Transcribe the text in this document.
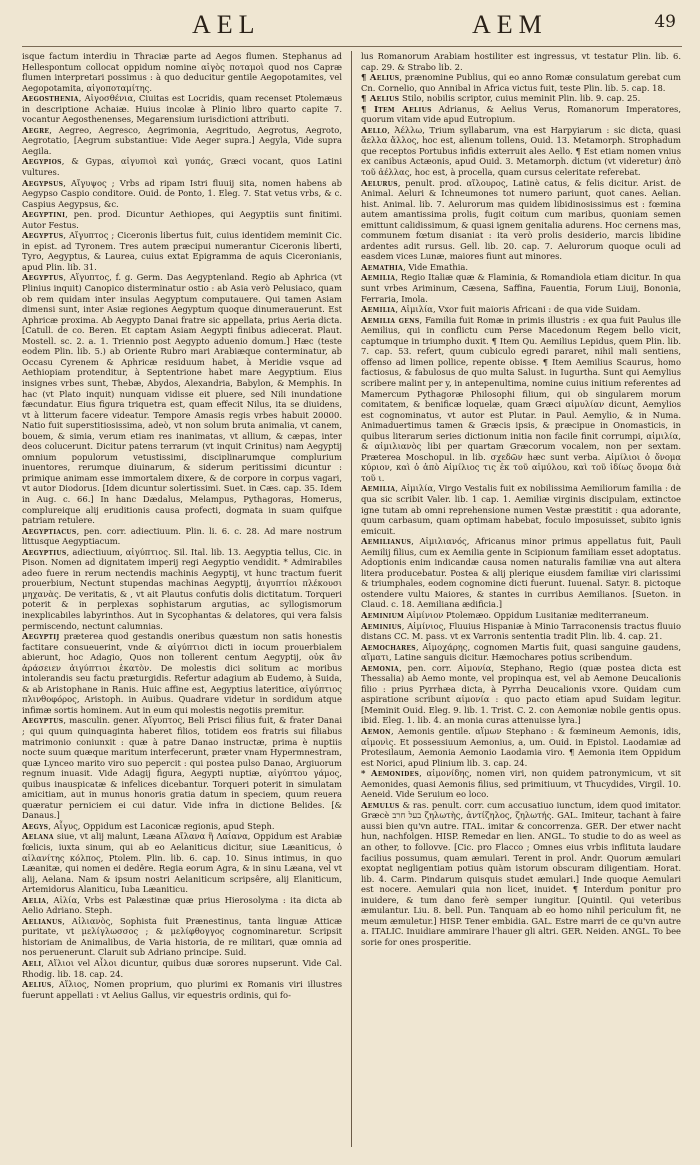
AEL	AEM	49

isque factum interdiu in Thraciæ parte ad Aegos flumen. Stephanus ad Hellespontum collocat oppidum nomine αἰγὸς ποταμοὶ quod nos Capræ flumen interpretari possimus : à quo deducitur gentile Aegopotamites, vel Aegopotamita, αἰγοποταμίτης.

Aegosthenia, Αἰγοσθένια, Ciuitas est Locridis, quam recenset Ptolemæus in descriptione Achaiæ. Huius incolæ à Plinio libro quarto capite 7. vocantur Aegosthenenses, Megarensium iurisdictioni attributi.

Aegre, Aegreo, Aegresco, Aegrimonia, Aegritudo, Aegrotus, Aegroto, Aegrotatio, [Aegrum substantiue: Vide Aeger supra.] Aegyla, Vide supra Aegila.

Aegypios, & Gypas, αἰγυπιοὶ καὶ γυπάς, Græci vocant, quos Latini vultures.

Aegypsus, Αἴγυψος ; Vrbs ad ripam Istri fluuij sita, nomen habens ab Aegypso Caspio conditore. Ouid. de Ponto, 1. Eleg. 7. Stat vetus vrbs, & c. Caspius Aegypsus, &c.

Aegyptini, pen. prod. Dicuntur Aethiopes, qui Aegyptiis sunt finitimi. Autor Festus.

Aegyptus, Αἴγυπτος ; Ciceronis libertus fuit, cuius identidem meminit Cic. in epist. ad Tyronem. Tres autem præcipui numerantur Ciceronis liberti, Tyro, Aegyptus, & Laurea, cuius extat Epigramma de aquis Ciceronianis, apud Plin. lib. 31.

Aegyptus, Αἴγυπτος, f. g. Germ. Das Aegyptenland. Regio ab Aphrica (vt Plinius inquit) Canopico disterminatur ostio : ab Asia verò Pelusiaco, quam ob rem quidam inter insulas Aegyptum computauere. Qui tamen Asiam dimensi sunt, inter Asiæ regiones Aegyptum quoque dinumerauerunt. Est Aphricæ proxima. Ab Aegypto Danai fratre sic appellata, prius Aeria dicta. [Catull. de co. Beren. Et captam Asiam Aegypti finibus adiecerat. Plaut. Mostell. sc. 2. a. 1. Triennio post Aegypto aduenio domum.] Hæc (teste eodem Plin. lib. 5.) ab Oriente Rubro mari Arabiæque conterminatur, ab Occasu Cyrenem & Aphricæ residuum habet, à Meridie vsque ad Aethiopiam protenditur, à Septentrione habet mare Aegyptium. Eius insignes vrbes sunt, Thebæ, Abydos, Alexandria, Babylon, & Memphis. In hac (vt Plato inquit) nunquam vidisse eit pluere, sed Nili inundatione fæcundatur. Eius figura triquetra est, quam effecit Nilus, ita se diuidens, vt à litterum facere videatur. Tempore Amasis regis vrbes habuit 20000. Natio fuit superstitiosissima, adeò, vt non solum bruta animalia, vt canem, bouem, & simia, verum etiam res inanimatas, vt allium, & cæpas, inter deos colucerunt. Dicitur patens terrarum (vt inquit Crinitus) nam Aegyptij omnium populorum vetustissimi, disciplinarumque complurium inuentores, rerumque diuinarum, & siderum peritissimi dicuntur : primique animam esse immortalem dixere, & de corpore in corpus vagari, vt autor Diodorus. [Idem dicuntur solertissimi. Suet. in Cæs. cap. 35. Idem in Aug. c. 66.] In hanc Dædalus, Melampus, Pythagoras, Homerus, complureique alij eruditionis causa profecti, dogmata in suam quifque patriam retulere.

Aegyptiacus, pen. corr. adiectiuum. Plin. li. 6. c. 28. Ad mare nostrum littusque Aegyptiacum.

Aegyptius, adiectiuum, αἰγύπτιος. Sil. Ital. lib. 13. Aegyptia tellus, Cic. in Pison. Nomen ad dignitatem imperij regi Aegyptio vendidit. * Admirabiles adeo fuere in rerum nectendis machinis Aegyptij, vt hunc tractum fuerit prouerbium, Nectunt stupendas machinas Aegyptij, ἀιγυπτίοι πλέκουσι μηχανὰς. De veritatis, & , vt ait Plautus confutis dolis dictitatum. Torqueri poterit & in perplexas sophistarum argutias, ac syllogismorum inexplicabiles labyrinthos. Aut in Sycophantas & delatores, qui vera falsis permiscendo, nectunt calumnias.

Aegyptij præterea quod gestandis oneribus quæstum non satis honestis factitare consueuerint, vnde & αἰγύπτιοι dicti in iocum prouerbialem abierunt, hoc Adagio, Quos non tollerent centum Aegyptij, οὐκ ἂν ἀράσειεν ἀιγύπτιοι ἑκατὸν. De molestis dici solitum ac moribus intolerandis seu factu præturgidis. Refertur adagium ab Eudemo, à Suida, & ab Aristophane in Ranis. Huic affine est, Aegyptius lateritice, αἰγύπτιος πλινθοφόρος, Aristoph. in Auibus. Quadrare videtur in sordidum atque infimæ sortis hominem. Aut in eum qui molestis negotiis premitur.

Aegyptus, masculin. gener. Αἴγυπτος, Beli Prisci filius fuit, & frater Danai ; qui quum quinquaginta haberet filios, totidem eos fratris sui filiabus matrimonio coniunxit : quæ à patre Danao instructæ, prima è nuptiis nocte suum quæque maritum interfecerunt, præter vnam Hypermnestram, quæ Lynceo marito viro suo pepercit : qui postea pulso Danao, Argiuorum regnum inuasit. Vide Adagij figura, Aegypti nuptiæ, αἰγύπτου γάμος, quibus inauspicatæ & infelices dicebantur. Torqueri poterit in simulatam amicitiam, aut in munus honoris gratia datum in speciem, quum reuera quæratur perniciem ei cui datur. Vide infra in dictione Belides. [& Danaus.]

Aegys, Αἶγυς, Oppidum est Laconicæ regionis, apud Steph.

Aelana siue, vt alij malunt, Læana Αἴλανα ἢ Λαίανα, Oppidum est Arabiæ fœlicis, iuxta sinum, qui ab eo Aelaniticus dicitur, siue Læaniticus, ὁ αἰλανίτης κόλπος, Ptolem. Plin. lib. 6. cap. 10. Sinus intimus, in quo Læanitæ, qui nomen ei dedêre. Regia eorum Agra, & in sinu Læana, vel vt alij, Aelana. Nam & ipsum nostri Aelaniticum scripsêre, alij Elaniticum, Artemidorus Alaniticu, Iuba Læaniticu.

Aelia, Αἰλία, Vrbs est Palæstinæ quæ prius Hierosolyma : ita dicta ab Aelio Adriano. Steph.

Aelianus, Αἰλιανὸς, Sophista fuit Prænestinus, tanta linguæ Atticæ puritate, vt μελίγλωσσος ; & μελίφθογγος cognominaretur. Scripsit historiam de Animalibus, de Varia historia, de re militari, quæ omnia ad nos peruenerunt. Claruit sub Adriano principe. Suid.

Aeli, Αἴλιοι vel Αἶλοι dicuntur, quibus duæ sorores nupserunt. Vide Cal. Rhodig. lib. 18. cap. 24.

Aelius, Αἴλιος, Nomen proprium, quo plurimi ex Romanis viri illustres fuerunt appellati : vt Aelius Gallus, vir equestris ordinis, qui fo-

lus Romanorum Arabiam hostiliter est ingressus, vt testatur Plin. lib. 6. cap. 29. & Strabo lib. 2.

¶ Aelius, prænomine Publius, qui eo anno Romæ consulatum gerebat cum Cn. Cornelio, quo Annibal in Africa victus fuit, teste Plin. lib. 5. cap. 18.

¶ Aelius Stilo, nobilis scriptor, cuius meminit Plin. lib. 9. cap. 25.

¶ Item Aelius Adrianus, & Aelius Verus, Romanorum Imperatores, quorum vitam vide apud Eutropium.

Aello, Ἀέλλω, Trium syllabarum, vna est Harpyiarum : sic dicta, quasi ἄελλα ἄλλος, hoc est, alienum tollens, Ouid. 13. Metamorph. Strophadum que receptos Portubus infidis exterruit ales Aello. ¶ Est etiam nomen vnius ex canibus Actæonis, apud Ouid. 3. Metamorph. dictum (vt videretur) ἀπὸ τοῦ ἀέλλας, hoc est, à procella, quam cursus celeritate referebat.

Aelurus, penult. prod. αἴλουρος, Latinè catus, & felis dicitur. Arist. de Animal. Aeluri & Ichneumones tot numero pariunt, quot canes. Aelian. hist. Animal. lib. 7. Aelurorum mas quidem libidinosissimus est : fœmina autem amantissima prolis, fugit coitum cum maribus, quoniam semen emittunt calidissimum, & quasi ignem genitalia adurens. Hoc cernens mas, communem fœtum disaniat : ita verò prolis desiderio, marcis libidine ardentes adit rursus. Gell. lib. 20. cap. 7. Aelurorum quoque oculi ad easdem vices Lunæ, maiores fiunt aut minores.

Aemathia, Vide Emathia.

Aemilia, Regio Italiæ quæ & Flaminia, & Romandiola etiam dicitur. In qua sunt vrbes Ariminum, Cæsena, Saffina, Fauentia, Forum Liuij, Bononia, Ferraria, Imola.

Aemilia, Αἰμιλία, Vxor fuit maioris Africani : de qua vide Suidam.

Aemilia gens, Familia fuit Romæ in primis illustris : ex qua fuit Paulus ille Aemilius, qui in conflictu cum Perse Macedonum Regem bello vicit, captumque in triumpho duxit. ¶ Item Qu. Aemilius Lepidus, quem Plin. lib. 7. cap. 53. refert, quum cubiculo egredi pararet, nihil mali sentiens, offenso ad limen pollice, repente obisse. ¶ Item Aemilius Scaurus, homo factiosus, & fabulosus de quo multa Salust. in Iugurtha. Sunt qui Aemylius scribere malint per y, in antepenultima, nomine cuius initium referentes ad Mamercum Pythagoræ Philosophi filium, qui ob singularem morum comitatem, & benificæ loquelæ, quam Græci αἰμυλίαν dicunt, Aemylios est cognominatus, vt autor est Plutar. in Paul. Aemylio, & in Numa. Animaduertimus tamen & Græcis ipsis, & præcipue in Onomasticis, in quibus literarum series dictionum initia non facile finit corrumpi, αἰμιλία, & αἰμιλιανὸς libi per quartam Græcorum vocalem, non per sextam. Præterea Moschopul. in lib. σχεδῶν hæc sunt verba. Αἰμίλιοι ὁ ὄνομα κύριον, καὶ ὁ ἀπὸ Αἰμίλιος τις ἐκ τοῦ αἰμύλου, καὶ τοῦ ἰδίως ὄνομα διὰ τοῦ ι.

Aemilia, Αἰμιλία, Virgo Vestalis fuit ex nobilissima Aemiliorum familia : de qua sic scribit Valer. lib. 1 cap. 1. Aemiliæ virginis discipulam, extinctoe igne tutam ab omni reprehensione numen Vestæ præstitit : qua adorante, quum carbasum, quam optimam habebat, foculo imposuisset, subito ignis emicuit.

Aemilianus, Αἰμιλιανός, Africanus minor primus appellatus fuit, Pauli Aemilij filius, cum ex Aemilia gente in Scipionum familiam esset adoptatus. Adoptionis enim indicandæ causa nomen naturalis familiæ vna aut altera litera producebatur. Postea & alij plerique eiusdem familiæ viri clarissimi & triumphales, eodem cognomine dicti fuerunt. Iuuenal. Satyr. 8. pictoque ostendere vultu Maiores, & stantes in curribus Aemilianos. [Sueton. in Claud. c. 18. Aemiliana ædificia.]

Aeminium Αἰμίνιον Ptolemæo. Oppidum Lusitaniæ mediterraneum.

Aeminius, Αἰμίνιος, Fluuius Hispaniæ à Minio Tarraconensis tractus fluuio distans CC. M. pass. vt ex Varronis sententia tradit Plin. lib. 4. cap. 21.

Aemochares, Αἰμοχάρης, cognomen Martis fuit, quasi sanguine gaudens, αἵματι, Latine sanguis dicitur. Hæmochares potius scribendum.

Aemonia, pen. corr. Αἰμονία, Stephano, Regio (quæ postea dicta est Thessalia) ab Aemo monte, vel propinqua est, vel ab Aemone Deucalionis filio : prius Pyrrhæa dicta, à Pyrrha Deucalionis vxore. Quidam cum aspiratione scribunt αἱμονία : quo pacto etiam apud Suidam legitur. [Meminit Ouid. Eleg. 9. lib. 1. Trist. C. 2. con Aemoniæ nobile gentis opus. ibid. Eleg. 1. lib. 4. an monia curas attenuisse lyra.]

Aemon, Aemonis gentile. αἵμων Stephano : & fœmineum Aemonis, idis, αἱμονὶς. Et possessiuum Aemonius, a, um. Ouid. in Epistol. Laodamiæ ad Protesilaum, Aemonia Aemonio Laodamia viro. ¶ Aemonia item Oppidum est Norici, apud Plinium lib. 3. cap. 24.

* Aemonides, αἱμονίδης, nomen viri, non quidem patronymicum, vt sit Aemonides, quasi Aemonis filius, sed primitiuum, vt Thucydides, Virgil. 10. Aeneid. Vide Seruium eo loco.

Aemulus & ras. penult. corr. cum accusatiuo iunctum, idem quod imitator. Græcè בעל חרב ζηλωτὴς, ἀντίζηλος, ζηλωτής. GAL. Imiteur, tachant à faire aussi bien qu'vn autre. ITAL. imitar & concorrenza. GER. Der etwer nacht hun, nachfolgen. HISP. Remedar en lien. ANGL. To studie to do as weel as an other, to follovve. [Cic. pro Flacco ; Omnes eius vrbis inflituta laudare facilius possumus, quam æmulari. Terent in prol. Andr. Quorum æmulari exoptat negligentiam potius quàm istorum obscuram diligentiam. Horat. lib. 4. Carm. Pindarum quisquis studet æmulari.] Inde quoque Aemulari est nocere. Aemulari quia non licet, inuidet. ¶ Interdum ponitur pro inuidere, & tum dano ferè semper iungitur. [Quintil. Qui veteribus æmulantur. Liu. 8. bell. Pun. Tanquam ab eo homo nihil periculum fit, ne meum æmuletur.] HISP. Tener embidia. GAL. Estre marri de ce qu'vn autre a. ITALIC. Inuidiare ammirare l'hauer gli altri. GER. Neiden. ANGL. To bee sorie for ones prosperitie.
